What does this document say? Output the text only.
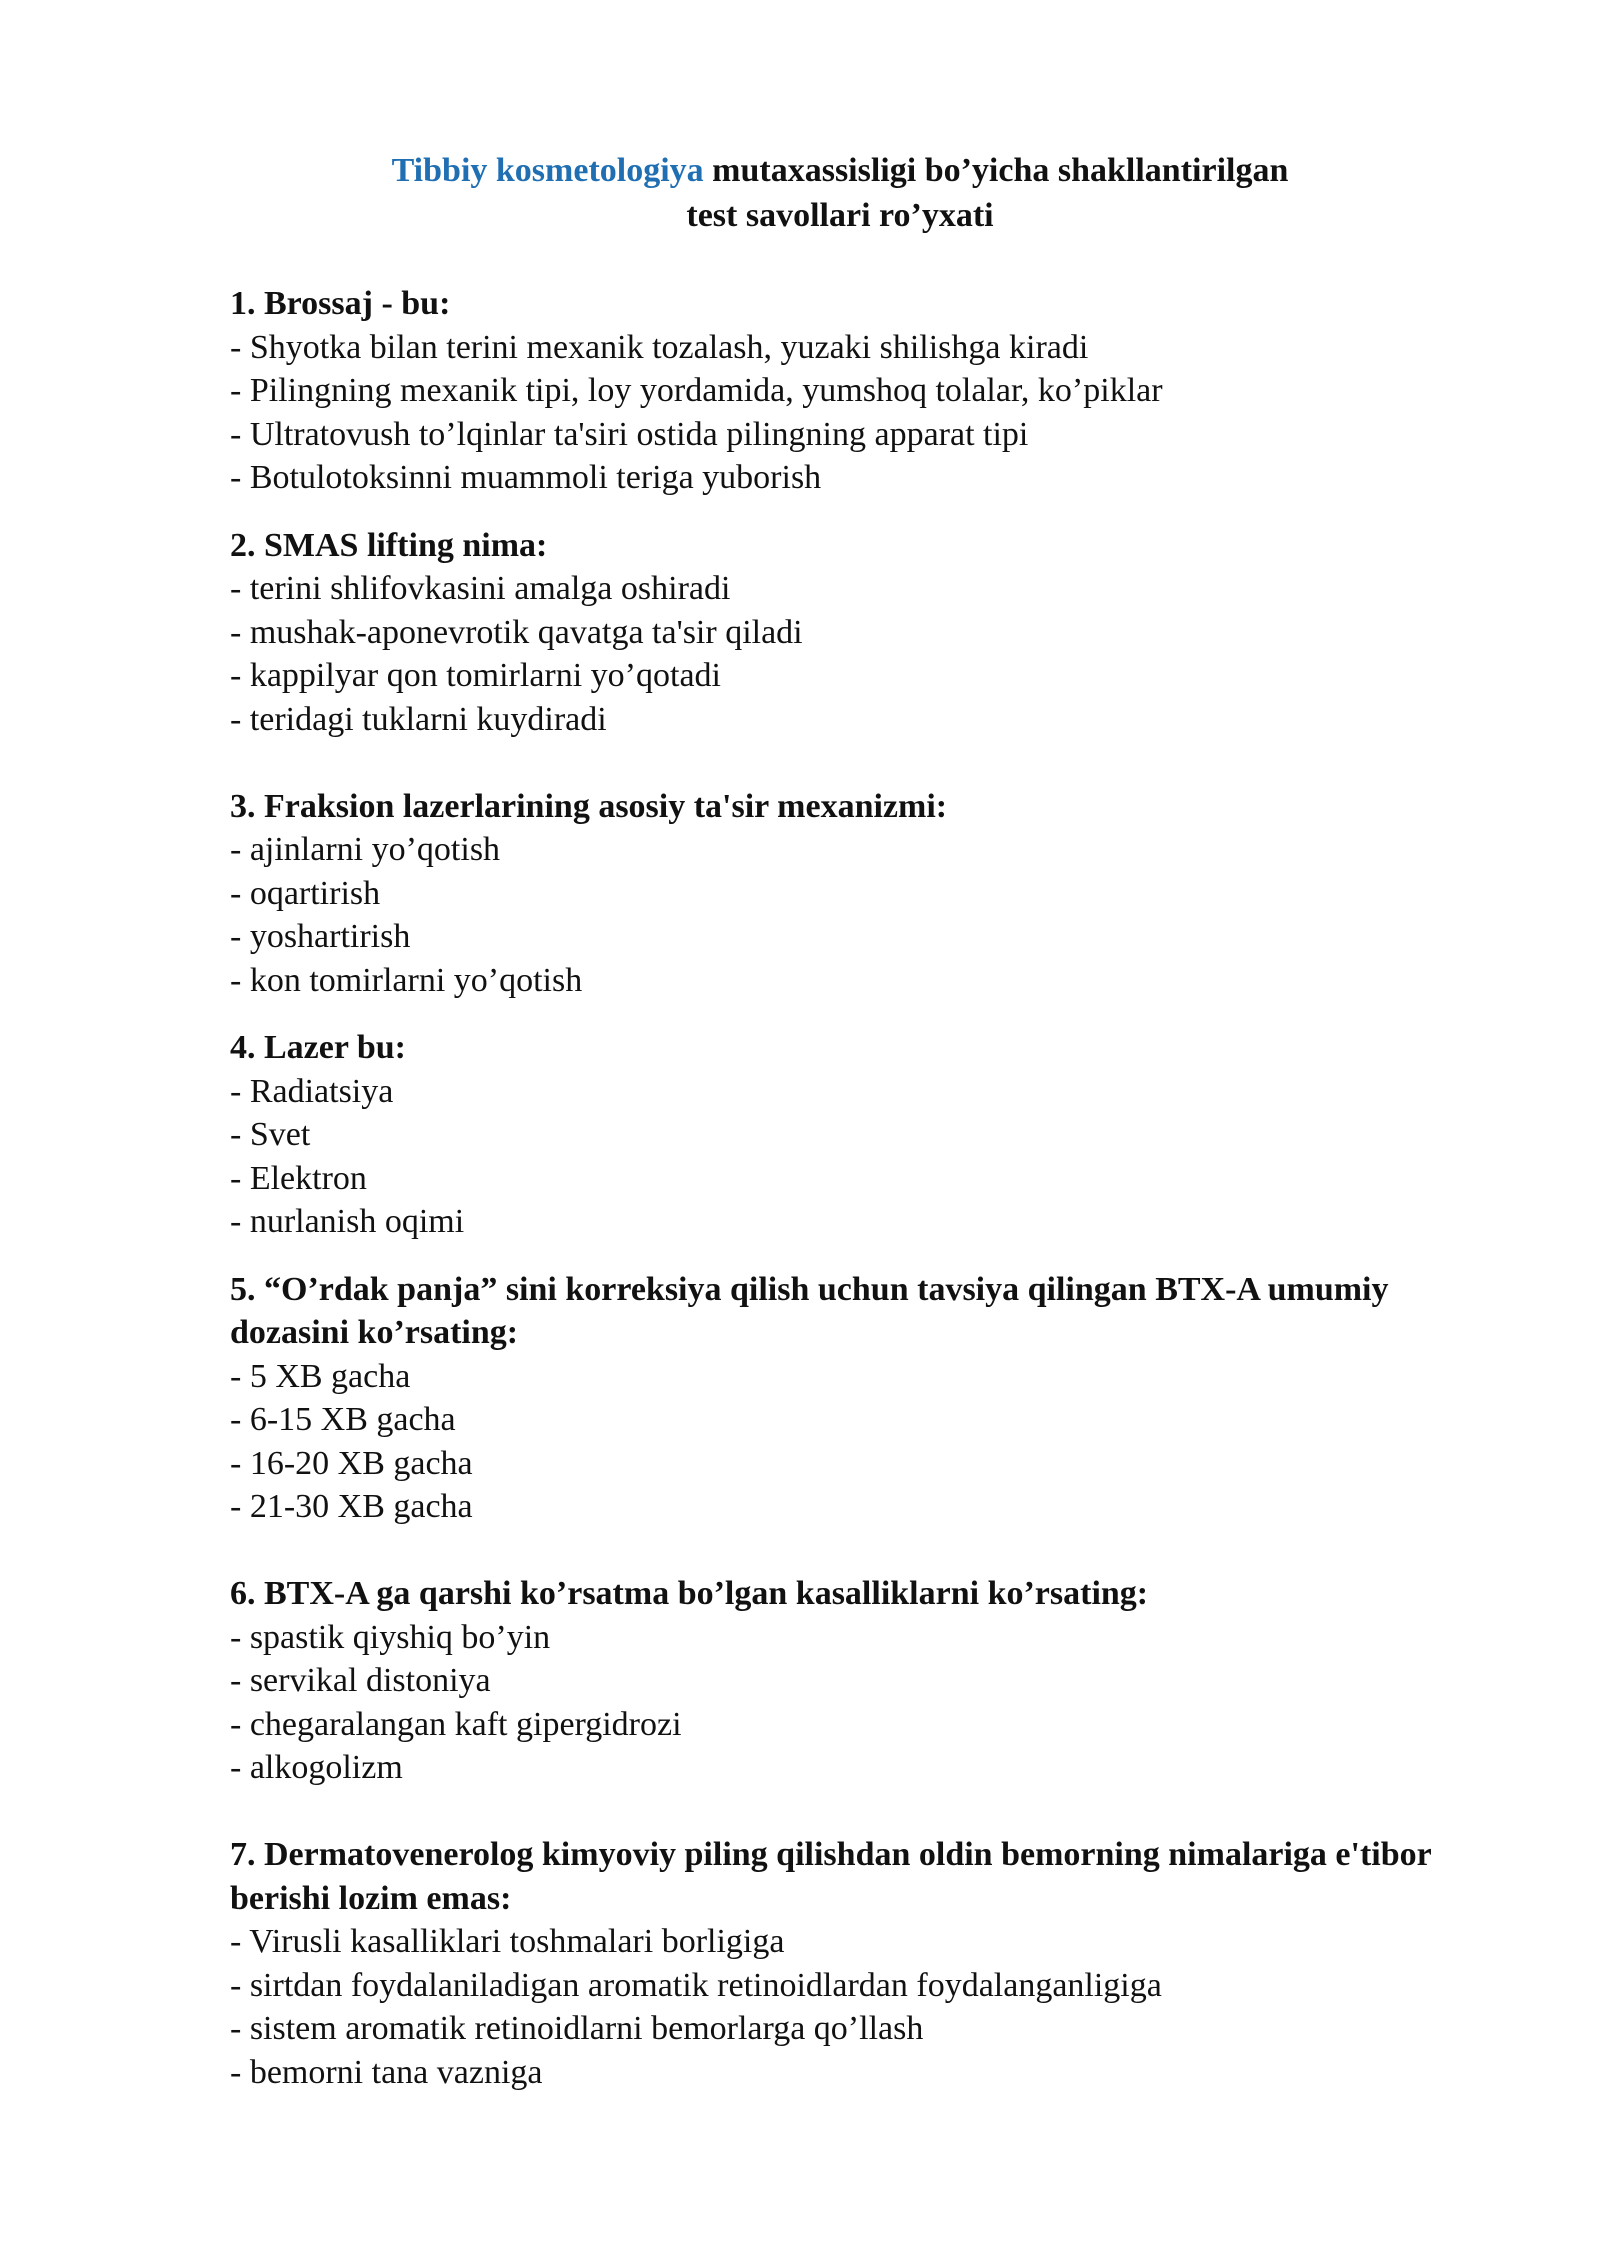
Tibbiy kosmetologiya mutaxassisligi bo’yicha shakllantirilgan
test savollari ro’yxati

1. Brossaj - bu:

- Shyotka bilan terini mexanik tozalash, yuzaki shilishga kiradi
- Pilingning mexanik tipi, loy yordamida, yumshoq tolalar, ko’piklar
- Ultratovush to’lqinlar ta'siri ostida pilingning apparat tipi
- Botulotoksinni muammoli teriga yuborish

2. SMAS lifting nima:

- terini shlifovkasini amalga oshiradi
- mushak-aponevrotik qavatga ta'sir qiladi
- kappilyar qon tomirlarni yo’qotadi
- teridagi tuklarni kuydiradi

3. Fraksion lazerlarining asosiy ta'sir mexanizmi:

- ajinlarni yo’qotish
- oqartirish
- yoshartirish
- kon tomirlarni yo’qotish

4. Lazer bu:

- Radiatsiya
- Svet
- Elektron
- nurlanish oqimi

5. “O’rdak panja” sini korreksiya qilish uchun tavsiya qilingan BTX-A umumiy dozasini ko’rsating:

- 5 XB gacha
- 6-15 XB gacha
- 16-20 XB gacha
- 21-30 XB gacha

6. BTX-A ga qarshi ko’rsatma bo’lgan kasalliklarni ko’rsating:

- spastik qiyshiq bo’yin
- servikal distoniya
- chegaralangan kaft gipergidrozi
- alkogolizm

7. Dermatovenerolog kimyoviy piling qilishdan oldin bemorning nimalariga e'tibor berishi lozim emas:

- Virusli kasalliklari toshmalari borligiga
- sirtdan foydalaniladigan aromatik retinoidlardan foydalanganligiga
- sistem aromatik retinoidlarni bemorlarga qo’llash
- bemorni tana vazniga
